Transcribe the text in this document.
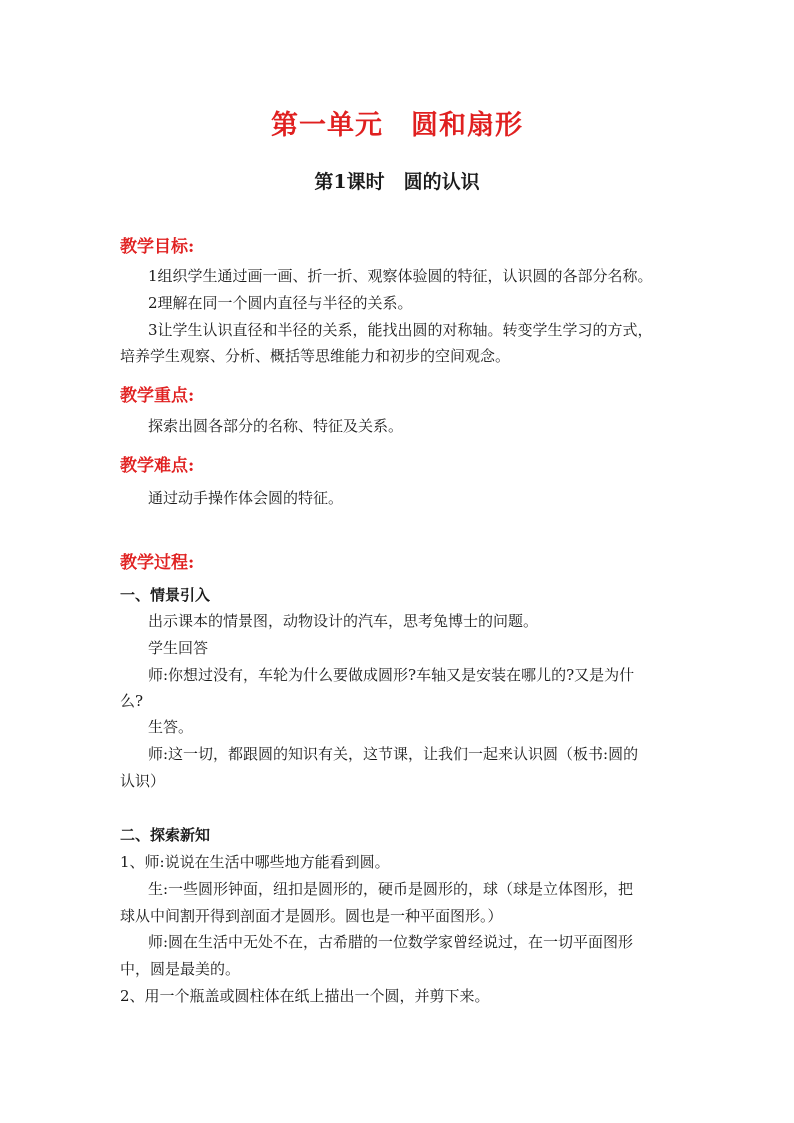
第一单元　圆和扇形
第1课时　圆的认识
教学目标:
1组织学生通过画一画、折一折、观察体验圆的特征，认识圆的各部分名称。
2理解在同一个圆内直径与半径的关系。
3让学生认识直径和半径的关系，能找出圆的对称轴。转变学生学习的方式，
培养学生观察、分析、概括等思维能力和初步的空间观念。
教学重点:
探索出圆各部分的名称、特征及关系。
教学难点:
通过动手操作体会圆的特征。
教学过程:
一、情景引入
出示课本的情景图，动物设计的汽车，思考兔博士的问题。
学生回答
师:你想过没有，车轮为什么要做成圆形?车轴又是安装在哪儿的?又是为什
么?
生答。
师:这一切，都跟圆的知识有关，这节课，让我们一起来认识圆（板书:圆的
认识）
二、探索新知
1、师:说说在生活中哪些地方能看到圆。
生:一些圆形钟面，纽扣是圆形的，硬币是圆形的，球（球是立体图形，把
球从中间割开得到剖面才是圆形。圆也是一种平面图形。）
师:圆在生活中无处不在，古希腊的一位数学家曾经说过，在一切平面图形
中，圆是最美的。
2、用一个瓶盖或圆柱体在纸上描出一个圆，并剪下来。
